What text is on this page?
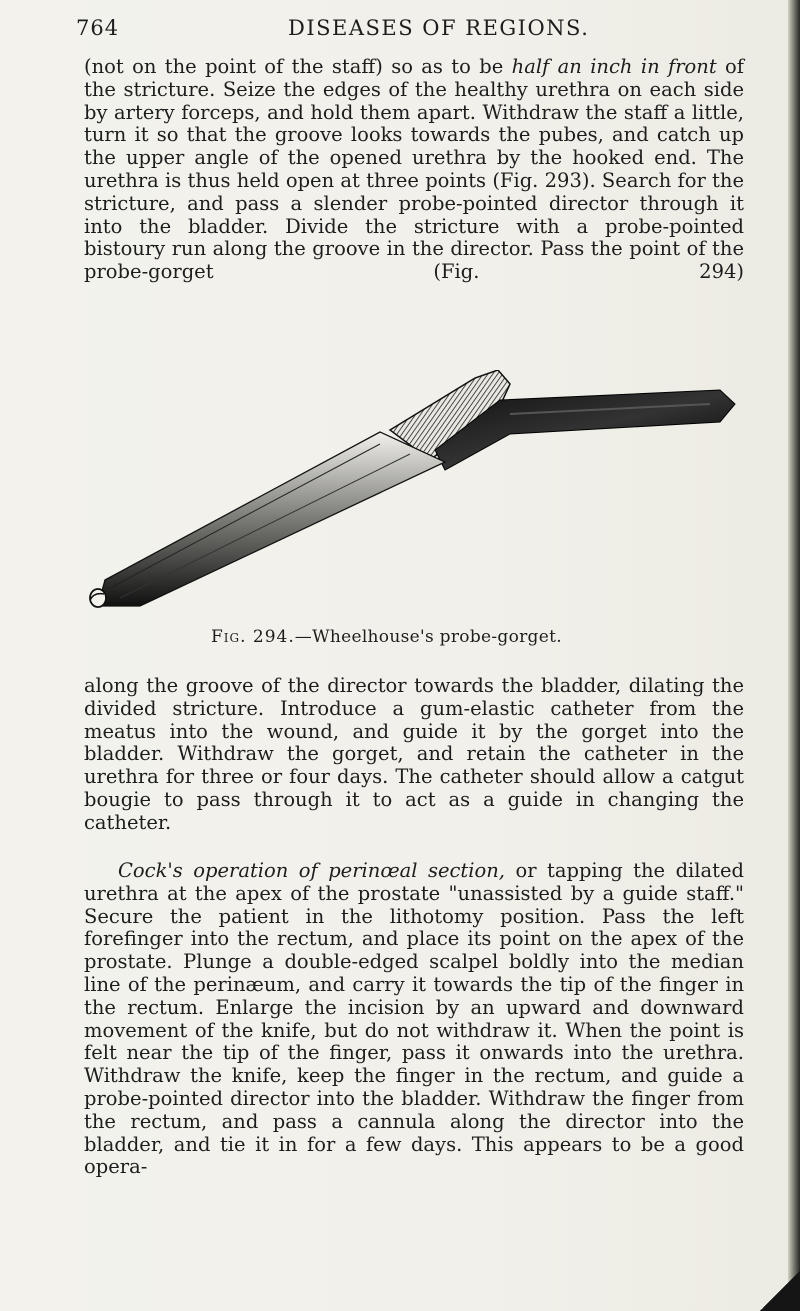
764	DISEASES OF REGIONS.

(not on the point of the staff) so as to be half an inch in front of the stricture. Seize the edges of the healthy urethra on each side by artery forceps, and hold them apart. Withdraw the staff a little, turn it so that the groove looks towards the pubes, and catch up the upper angle of the opened urethra by the hooked end. The urethra is thus held open at three points (Fig. 293). Search for the stricture, and pass a slender probe-pointed director through it into the bladder. Divide the stricture with a probe-pointed bistoury run along the groove in the director. Pass the point of the probe-gorget (Fig. 294)

Fig. 294.—Wheelhouse's probe-gorget.

along the groove of the director towards the bladder, dilating the divided stricture. Introduce a gum-elastic catheter from the meatus into the wound, and guide it by the gorget into the bladder. Withdraw the gorget, and retain the catheter in the urethra for three or four days. The catheter should allow a catgut bougie to pass through it to act as a guide in changing the catheter.

Cock's operation of perinœal section, or tapping the dilated urethra at the apex of the prostate "unassisted by a guide staff." Secure the patient in the lithotomy position. Pass the left forefinger into the rectum, and place its point on the apex of the prostate. Plunge a double-edged scalpel boldly into the median line of the perinæum, and carry it towards the tip of the finger in the rectum. Enlarge the incision by an upward and downward movement of the knife, but do not withdraw it. When the point is felt near the tip of the finger, pass it onwards into the urethra. Withdraw the knife, keep the finger in the rectum, and guide a probe-pointed director into the bladder. Withdraw the finger from the rectum, and pass a cannula along the director into the bladder, and tie it in for a few days. This appears to be a good opera-
